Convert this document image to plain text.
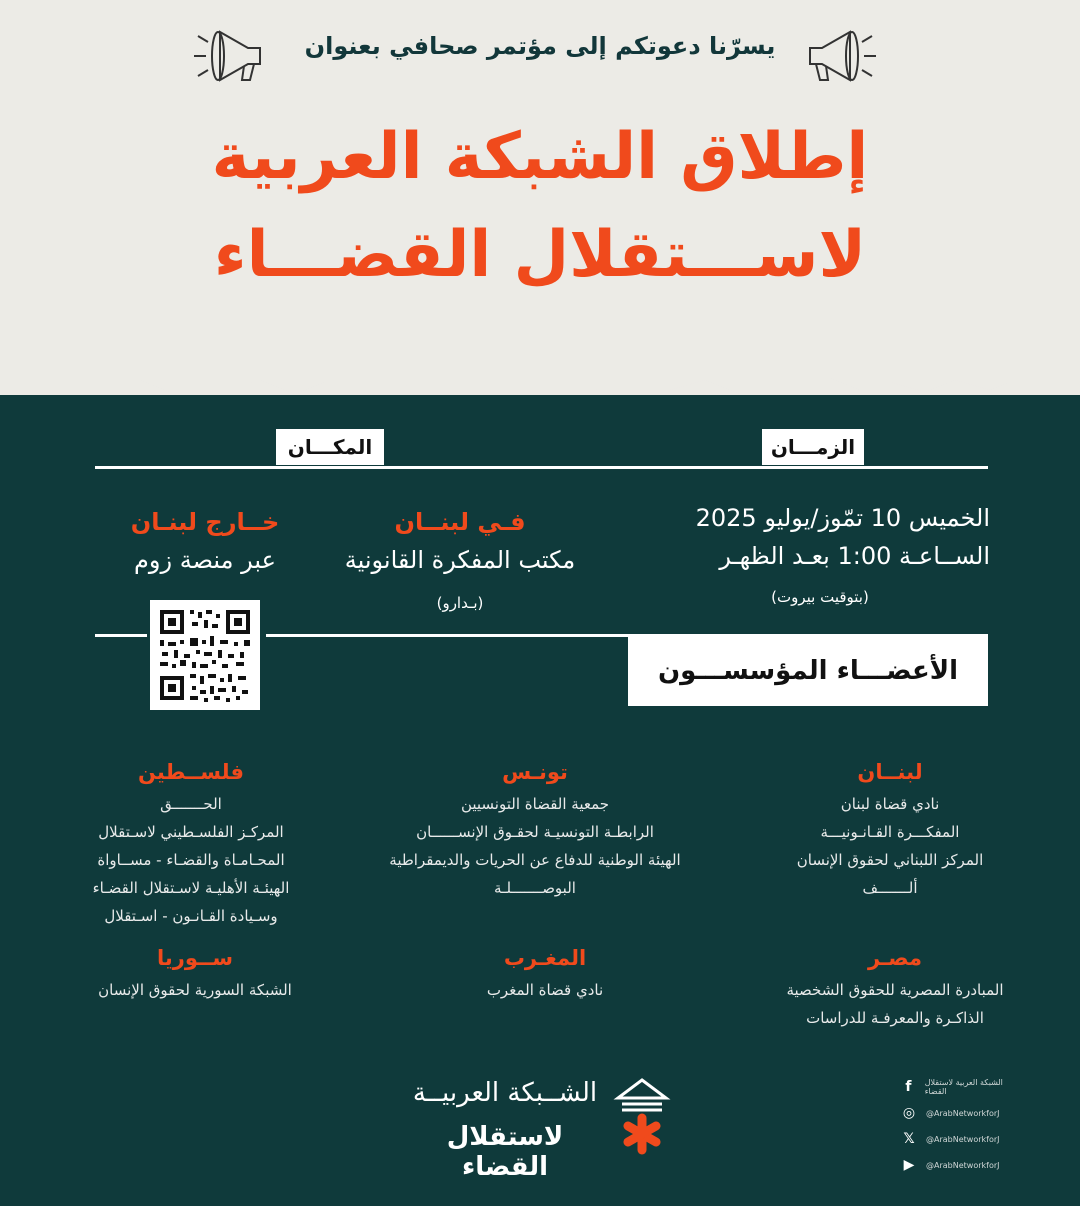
يسرّنا دعوتكم إلى مؤتمر صحافي بعنوان
إطلاق الشبكة العربية
لاســـتقلال القضـــاء
الزمـــان
المكـــان
الخميس 10 تمّوز/يوليو 2025
الســاعـة 1:00 بعـد الظهـر
(بتوقيت بيروت)
فـي لبنــان
مكتب المفكرة القانونية
(بـدارو)
خــارج لبنـان
عبر منصة زوم
الأعضـــاء المؤسســـون
لبنــان
نادي قضاة لبنان
المفكـــرة القـانـونيـــة
المركز اللبناني لحقوق الإنسان
ألـــــــف
تونـس
جمعية القضاة التونسيين
الرابطـة التونسيـة لحقـوق الإنســــــان
الهيئة الوطنية للدفاع عن الحريات والديمقراطية
البوصـــــــلـة
فلســطين
الحـــــــق
المركـز الفلسـطيني لاسـتقلال
المحـامـاة والقضـاء - مســاواة
الهيئـة الأهليـة لاسـتقلال القضـاء
وسـيادة القـانـون - اسـتقلال
مصـر
المبادرة المصرية للحقوق الشخصية
الذاكـرة والمعرفـة للدراسات
المغـرب
نادي قضاة المغرب
ســوريا
الشبكة السورية لحقوق الإنسان
الشــبكة العربيــة
لاستقلال القضاء
f	الشبكة العربية لاستقلال القضاء
◎	@ArabNetworkforJ
𝕏	@ArabNetworkforJ
▶	@ArabNetworkforJ
